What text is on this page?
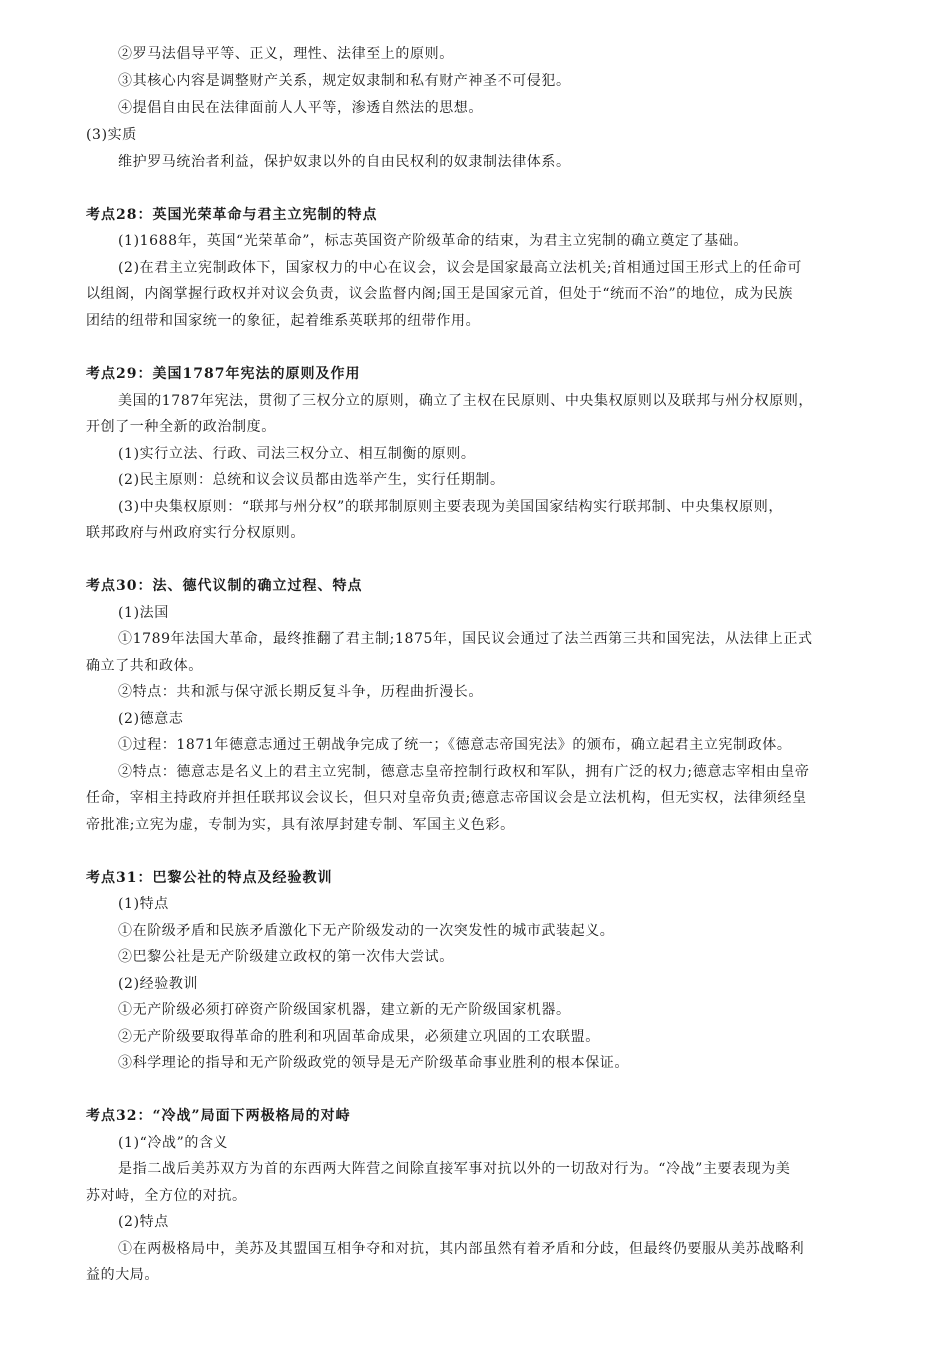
②罗马法倡导平等、正义，理性、法律至上的原则。
③其核心内容是调整财产关系，规定奴隶制和私有财产神圣不可侵犯。
④提倡自由民在法律面前人人平等，渗透自然法的思想。
(3)实质
维护罗马统治者利益，保护奴隶以外的自由民权利的奴隶制法律体系。
考点28：英国光荣革命与君主立宪制的特点
(1)1688年，英国“光荣革命”，标志英国资产阶级革命的结束，为君主立宪制的确立奠定了基础。
(2)在君主立宪制政体下，国家权力的中心在议会，议会是国家最高立法机关;首相通过国王形式上的任命可
以组阁，内阁掌握行政权并对议会负责，议会监督内阁;国王是国家元首，但处于“统而不治”的地位，成为民族
团结的纽带和国家统一的象征，起着维系英联邦的纽带作用。
考点29：美国1787年宪法的原则及作用
美国的1787年宪法，贯彻了三权分立的原则，确立了主权在民原则、中央集权原则以及联邦与州分权原则，
开创了一种全新的政治制度。
(1)实行立法、行政、司法三权分立、相互制衡的原则。
(2)民主原则：总统和议会议员都由选举产生，实行任期制。
(3)中央集权原则：“联邦与州分权”的联邦制原则主要表现为美国国家结构实行联邦制、中央集权原则，
联邦政府与州政府实行分权原则。
考点30：法、德代议制的确立过程、特点
(1)法国
①1789年法国大革命，最终推翻了君主制;1875年，国民议会通过了法兰西第三共和国宪法，从法律上正式
确立了共和政体。
②特点：共和派与保守派长期反复斗争，历程曲折漫长。
(2)德意志
①过程：1871年德意志通过王朝战争完成了统一；《德意志帝国宪法》的颁布，确立起君主立宪制政体。
②特点：德意志是名义上的君主立宪制，德意志皇帝控制行政权和军队，拥有广泛的权力;德意志宰相由皇帝
任命，宰相主持政府并担任联邦议会议长，但只对皇帝负责;德意志帝国议会是立法机构，但无实权，法律须经皇
帝批准;立宪为虚，专制为实，具有浓厚封建专制、军国主义色彩。
考点31：巴黎公社的特点及经验教训
(1)特点
①在阶级矛盾和民族矛盾激化下无产阶级发动的一次突发性的城市武装起义。
②巴黎公社是无产阶级建立政权的第一次伟大尝试。
(2)经验教训
①无产阶级必须打碎资产阶级国家机器，建立新的无产阶级国家机器。
②无产阶级要取得革命的胜利和巩固革命成果，必须建立巩固的工农联盟。
③科学理论的指导和无产阶级政党的领导是无产阶级革命事业胜利的根本保证。
考点32：“冷战”局面下两极格局的对峙
(1)“冷战”的含义
是指二战后美苏双方为首的东西两大阵营之间除直接军事对抗以外的一切敌对行为。“冷战”主要表现为美
苏对峙，全方位的对抗。
(2)特点
①在两极格局中，美苏及其盟国互相争夺和对抗，其内部虽然有着矛盾和分歧，但最终仍要服从美苏战略利
益的大局。
